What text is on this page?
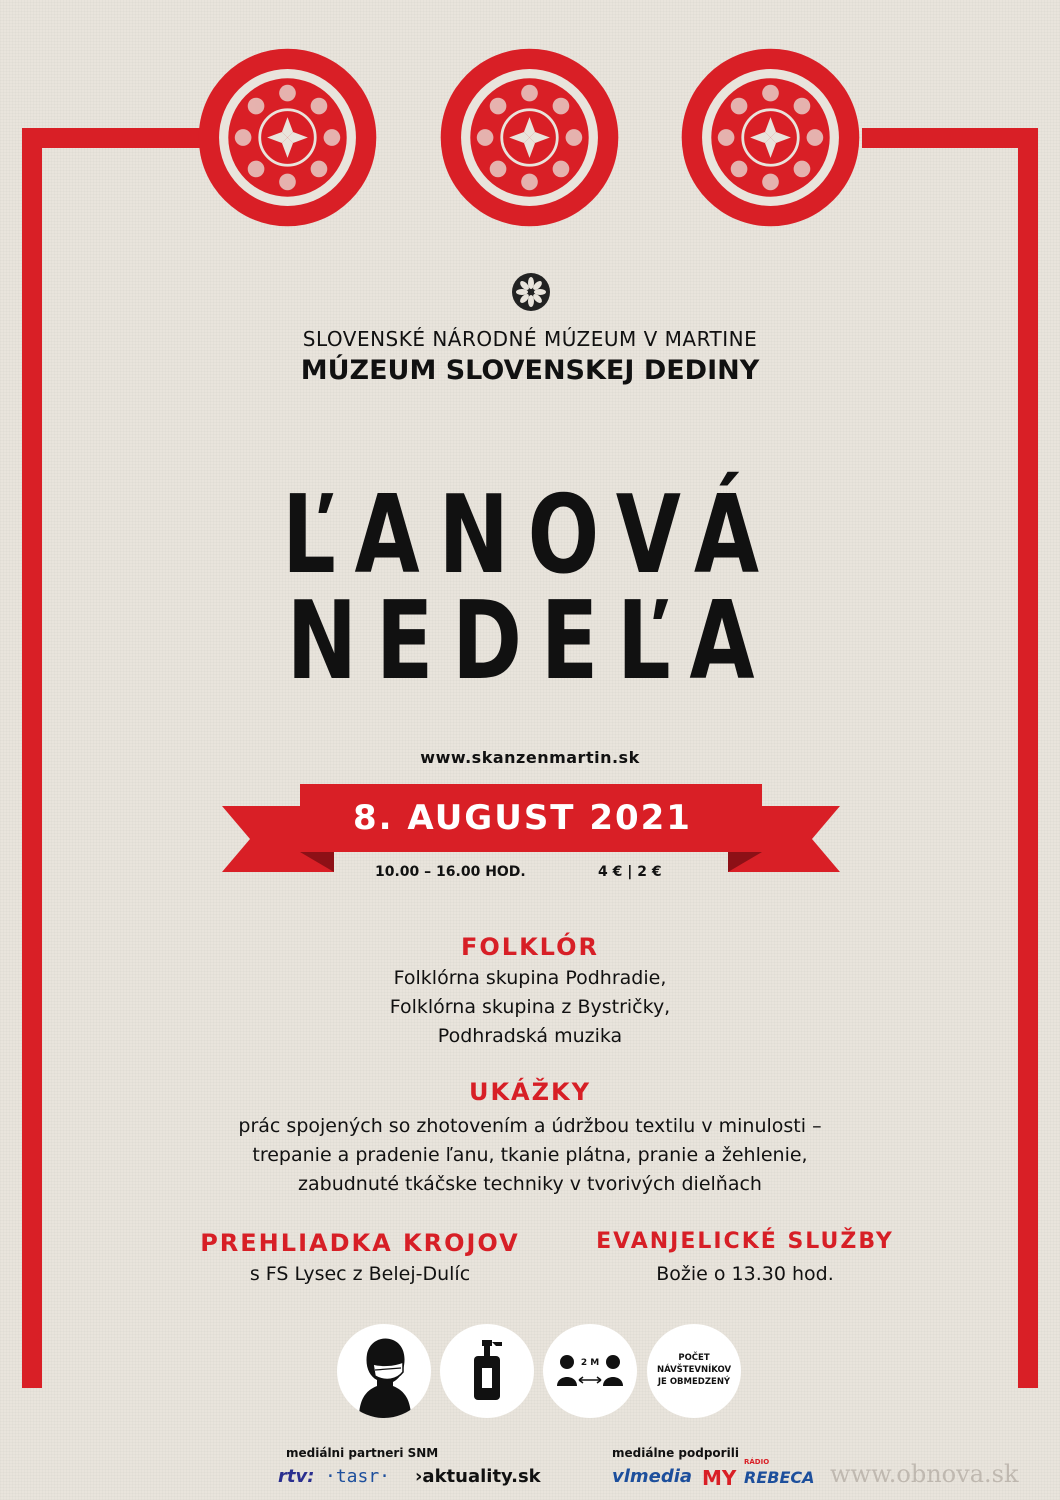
SLOVENSKÉ NÁRODNÉ MÚZEUM V MARTINE
MÚZEUM SLOVENSKEJ DEDINY
ĽANOVÁ
NEDEĽA
www.skanzenmartin.sk
8. AUGUST 2021
10.00 – 16.00 HOD.	4 € | 2 €
FOLKLÓR
Folklórna skupina Podhradie,
Folklórna skupina z Bystričky,
Podhradská muzika
UKÁŽKY
prác spojených so zhotovením a údržbou textilu v minulosti –
trepanie a pradenie ľanu, tkanie plátna, pranie a žehlenie,
zabudnuté tkáčske techniky v tvorivých dielňach
PREHLIADKA KROJOV
s FS Lysec z Belej-Dulíc
EVANJELICKÉ SLUŽBY
Božie o 13.30 hod.
2 M	POČET
NÁVŠTEVNÍKOV
JE OBMEDZENÝ
mediálni partneri SNM
rtv: ·tasr· ›aktuality.sk
mediálne podporili
vlmedia MY
RÁDIO
REBECA www.obnova.sk
